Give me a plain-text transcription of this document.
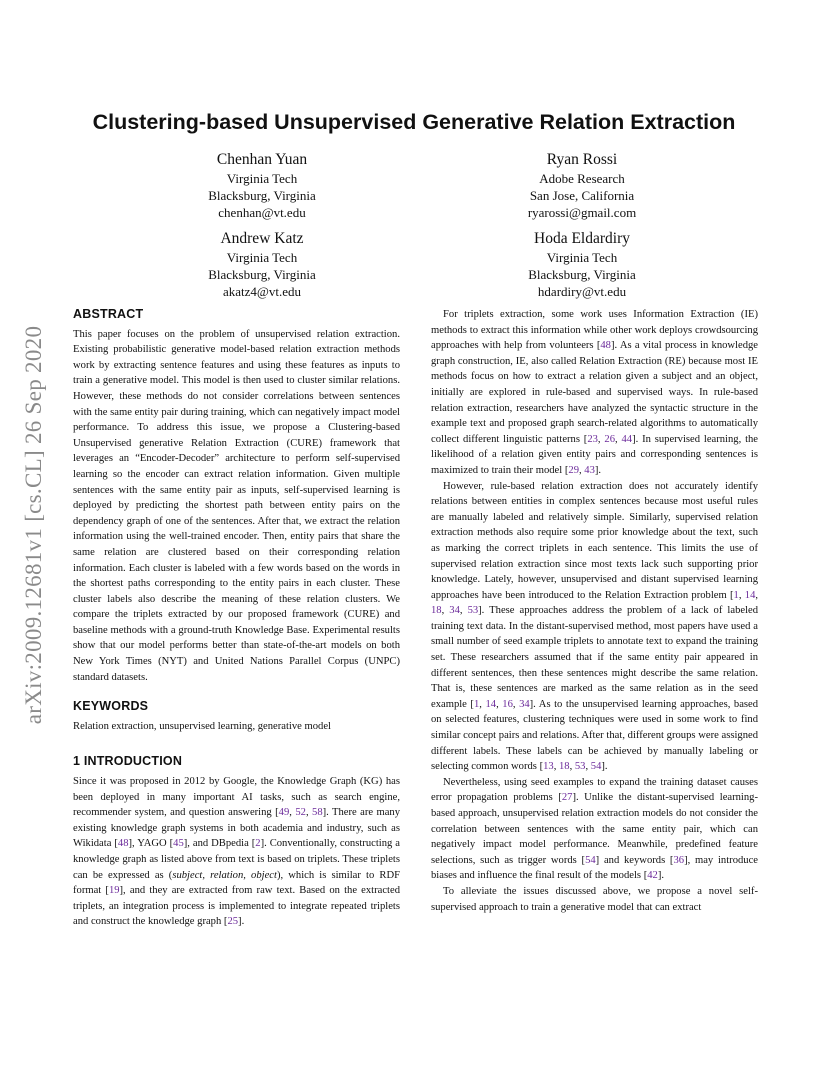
arXiv:2009.12681v1 [cs.CL] 26 Sep 2020
Clustering-based Unsupervised Generative Relation Extraction
Chenhan Yuan
Virginia Tech
Blacksburg, Virginia
chenhan@vt.edu
Ryan Rossi
Adobe Research
San Jose, California
ryarossi@gmail.com
Andrew Katz
Virginia Tech
Blacksburg, Virginia
akatz4@vt.edu
Hoda Eldardiry
Virginia Tech
Blacksburg, Virginia
hdardiry@vt.edu
ABSTRACT

This paper focuses on the problem of unsupervised relation extraction. Existing probabilistic generative model-based relation extraction methods work by extracting sentence features and using these features as inputs to train a generative model. This model is then used to cluster similar relations. However, these methods do not consider correlations between sentences with the same entity pair during training, which can negatively impact model performance. To address this issue, we propose a Clustering-based Unsupervised generative Relation Extraction (CURE) framework that leverages an “Encoder-Decoder” architecture to perform self-supervised learning so the encoder can extract relation information. Given multiple sentences with the same entity pair as inputs, self-supervised learning is deployed by predicting the shortest path between entity pairs on the dependency graph of one of the sentences. After that, we extract the relation information using the well-trained encoder. Then, entity pairs that share the same relation are clustered based on their corresponding relation information. Each cluster is labeled with a few words based on the words in the shortest paths corresponding to the entity pairs in each cluster. These cluster labels also describe the meaning of these relation clusters. We compare the triplets extracted by our proposed framework (CURE) and baseline methods with a ground-truth Knowledge Base. Experimental results show that our model performs better than state-of-the-art models on both New York Times (NYT) and United Nations Parallel Corpus (UNPC) standard datasets.

KEYWORDS

Relation extraction, unsupervised learning, generative model

1 INTRODUCTION

Since it was proposed in 2012 by Google, the Knowledge Graph (KG) has been deployed in many important AI tasks, such as search engine, recommender system, and question answering [49, 52, 58]. There are many existing knowledge graph systems in both academia and industry, such as Wikidata [48], YAGO [45], and DBpedia [2]. Conventionally, constructing a knowledge graph as listed above from text is based on triplets. These triplets can be expressed as (subject, relation, object), which is similar to RDF format [19], and they are extracted from raw text. Based on the extracted triplets, an integration process is implemented to integrate repeated triplets and construct the knowledge graph [25].

For triplets extraction, some work uses Information Extraction (IE) methods to extract this information while other work deploys crowdsourcing approaches with help from volunteers [48]. As a vital process in knowledge graph construction, IE, also called Relation Extraction (RE) because most IE methods focus on how to extract a relation given a subject and an object, initially are explored in rule-based and supervised ways. In rule-based relation extraction, researchers have analyzed the syntactic structure in the example text and proposed graph search-related algorithms to automatically collect different linguistic patterns [23, 26, 44]. In supervised learning, the likelihood of a relation given entity pairs and corresponding sentences is maximized to train their model [29, 43].

However, rule-based relation extraction does not accurately identify relations between entities in complex sentences because most useful rules are manually labeled and relatively simple. Similarly, supervised relation extraction methods also require some prior knowledge about the text, such as marking the correct triplets in each sentence. This limits the use of supervised relation extraction since most texts lack such supporting prior knowledge. Lately, however, unsupervised and distant supervised learning approaches have been introduced to the Relation Extraction problem [1, 14, 18, 34, 53]. These approaches address the problem of a lack of labeled training text data. In the distant-supervised method, most papers have used a small number of seed example triplets to annotate text to expand the training set. These researchers assumed that if the same entity pair appeared in different sentences, then these sentences might describe the same relation. That is, these sentences are marked as the same relation as in the seed example [1, 14, 16, 34]. As to the unsupervised learning approaches, based on selected features, clustering techniques were used in some work to find similar concept pairs and relations. After that, different groups were assigned different labels. These labels can be achieved by manually labeling or selecting common words [13, 18, 53, 54].

Nevertheless, using seed examples to expand the training dataset causes error propagation problems [27]. Unlike the distant-supervised learning-based approach, unsupervised relation extraction models do not consider the correlation between sentences with the same entity pair, which can negatively impact model performance. Meanwhile, predefined feature selections, such as trigger words [54] and keywords [36], may introduce biases and influence the final result of the models [42].

To alleviate the issues discussed above, we propose a novel self-supervised approach to train a generative model that can extract
